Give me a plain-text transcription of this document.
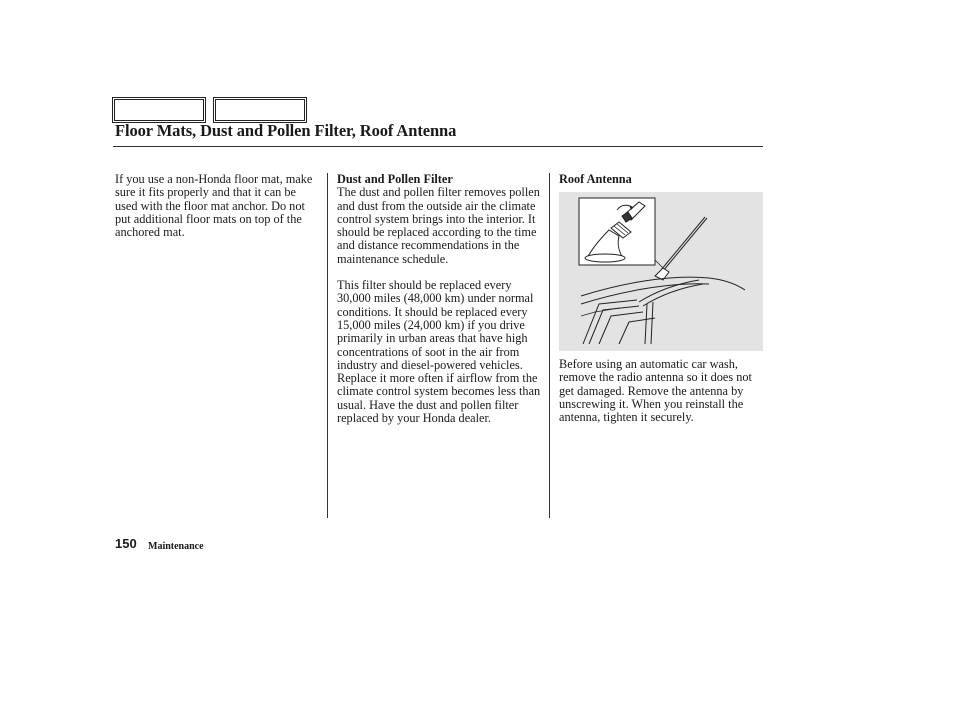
Floor Mats, Dust and Pollen Filter, Roof Antenna

If you use a non-Honda floor mat, make sure it fits properly and that it can be used with the floor mat anchor. Do not put additional floor mats on top of the anchored mat.

Dust and Pollen Filter

The dust and pollen filter removes pollen and dust from the outside air the climate control system brings into the interior. It should be replaced according to the time and distance recommendations in the maintenance schedule.

This filter should be replaced every 30,000 miles (48,000 km) under normal conditions. It should be replaced every 15,000 miles (24,000 km) if you drive primarily in urban areas that have high concentrations of soot in the air from industry and diesel-powered vehicles. Replace it more often if airflow from the climate control system becomes less than usual. Have the dust and pollen filter replaced by your Honda dealer.

Roof Antenna

Before using an automatic car wash, remove the radio antenna so it does not get damaged. Remove the antenna by unscrewing it. When you reinstall the antenna, tighten it securely.

150 Maintenance
